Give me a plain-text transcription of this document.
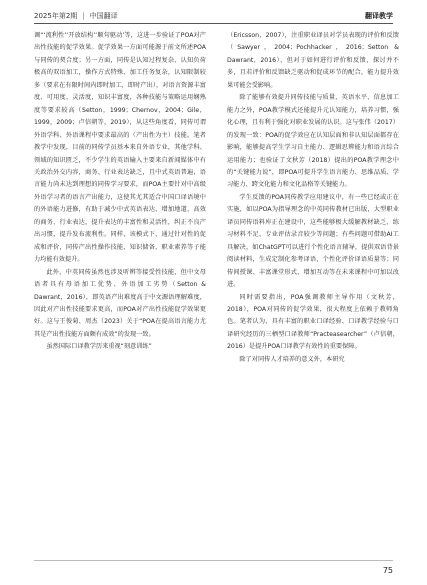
2025年第2期 | 中国翻译	翻译教学

调“‘流利性’‘开放结构’‘顺句驱动’等，这进一步验证了POA对产出性技能的促学效果。促学效果一方面可能源于前文所述POA与同传的契合度；另一方面，同传是认知过程复杂、认知负荷极高的双语加工，操作方式特殊、加工任务复杂，认知限制较多（要求在有限时间内即时加工，即时产出），对语言资源丰富度、可用度、灵活度，知识丰富度，各种技能与策略运用娴熟度等要求较高（Setton，1999；Chernov，2004；Gile，1999，2009；卢信朝等，2019），从这些角度看，同传可谓外语学科、外语课程中要求最高的（产出性为主）技能。笔者教学中发现，目前的同传学员基本来自外语专业，其他学科、领域的知识匮乏，不少学生的英语输入主要来自新闻媒体中有关政治外交内容，商务、行业表达缺乏，且中式英语普遍，语言能力尚未达到理想的同传学习要求，而POA主要针对中高级外语学习者的语言产出能力，这使其尤其适合中国口译语境中的外语能力进修，有助于减少中式英语表达，增加地道、高效的商务、行业表达，提升表达的丰富性和灵活性，纠正不良产出习惯，提升发布流利性。同样，该模式下，通过针对性的促成和评价，同传产出性操作技能、知识储备、职业素养等子能力均能有效提升。

此外，中英同传虽然也涉及听辨等接受性技能，但中文母语者具有母语加工优势、外语加工劣势（Setton & Dawrant，2016），即英语产出难度高于中文源语理解难度，因此对产出性技能要求更高，而POA对产出性技能促学效果更好。这与王俊菊、周杰（2023）关于“POA在提高语言能力尤其是产出性技能方面颇有成效”的发现一致。

虽然国际口译教学历来重视“刻意训练”

（Ericsson，2007），注重职业译员对学员表现的评价和反馈（Sawyer，2004；Pochhacker，2016；Setton & Dawrant，2016），但对于如何进行评价和反馈，探讨并不多，且若评价和反馈缺乏驱动和促成环节的配合，能力提升效果可能会受影响。

除了能够有效提升同传技能与质量、英语水平、信息加工能力之外，POA教学模式还能提升元认知能力，培养习惯，强化心理，且有利于强化对职业发展的认识。这与张伟（2017）的发现一致：POA的促学效应在认知层面和非认知层面都存在影响，能够提高学生学习自主能力、逻辑思辨能力和语言综合运用能力；也验证了文秋芳（2018）提出的POA教学理念中的“关键能力说”，即POA可提升学生语言能力、思维品质、学习能力、跨文化能力和文化品格等关键能力。

学生反馈的POA同传教学应用建议中，有一些已经或正在实施，如以POA为指导理念的中英同传教材已出版，大型职业译员同传语料库正在建设中，这些能够极大缓解教材缺乏、练习材料不足、专业评估录音较少等问题；有些问题可借助AI工具解决，如ChatGPT可以进行个性化语言辅导，提供双语背景阅读材料，生成定制化参考译语，个性化评价译语质量等；同传间授课、丰富课堂形式、增加互动等在未来课程中可加以改进。

同时需要指出，POA强调教师主导作用（文秋芳，2018），POA对同传的促学效果，很大程度上依赖于教师角色。笔者认为，具有丰富的职业口译经验、口译教学经验与口译研究经历的三栖型口译教师“Practeasearcher”（卢信朝，2016）是提升POA口译教学有效性的重要保障。

除了对同传人才培养的意义外，本研究

75
